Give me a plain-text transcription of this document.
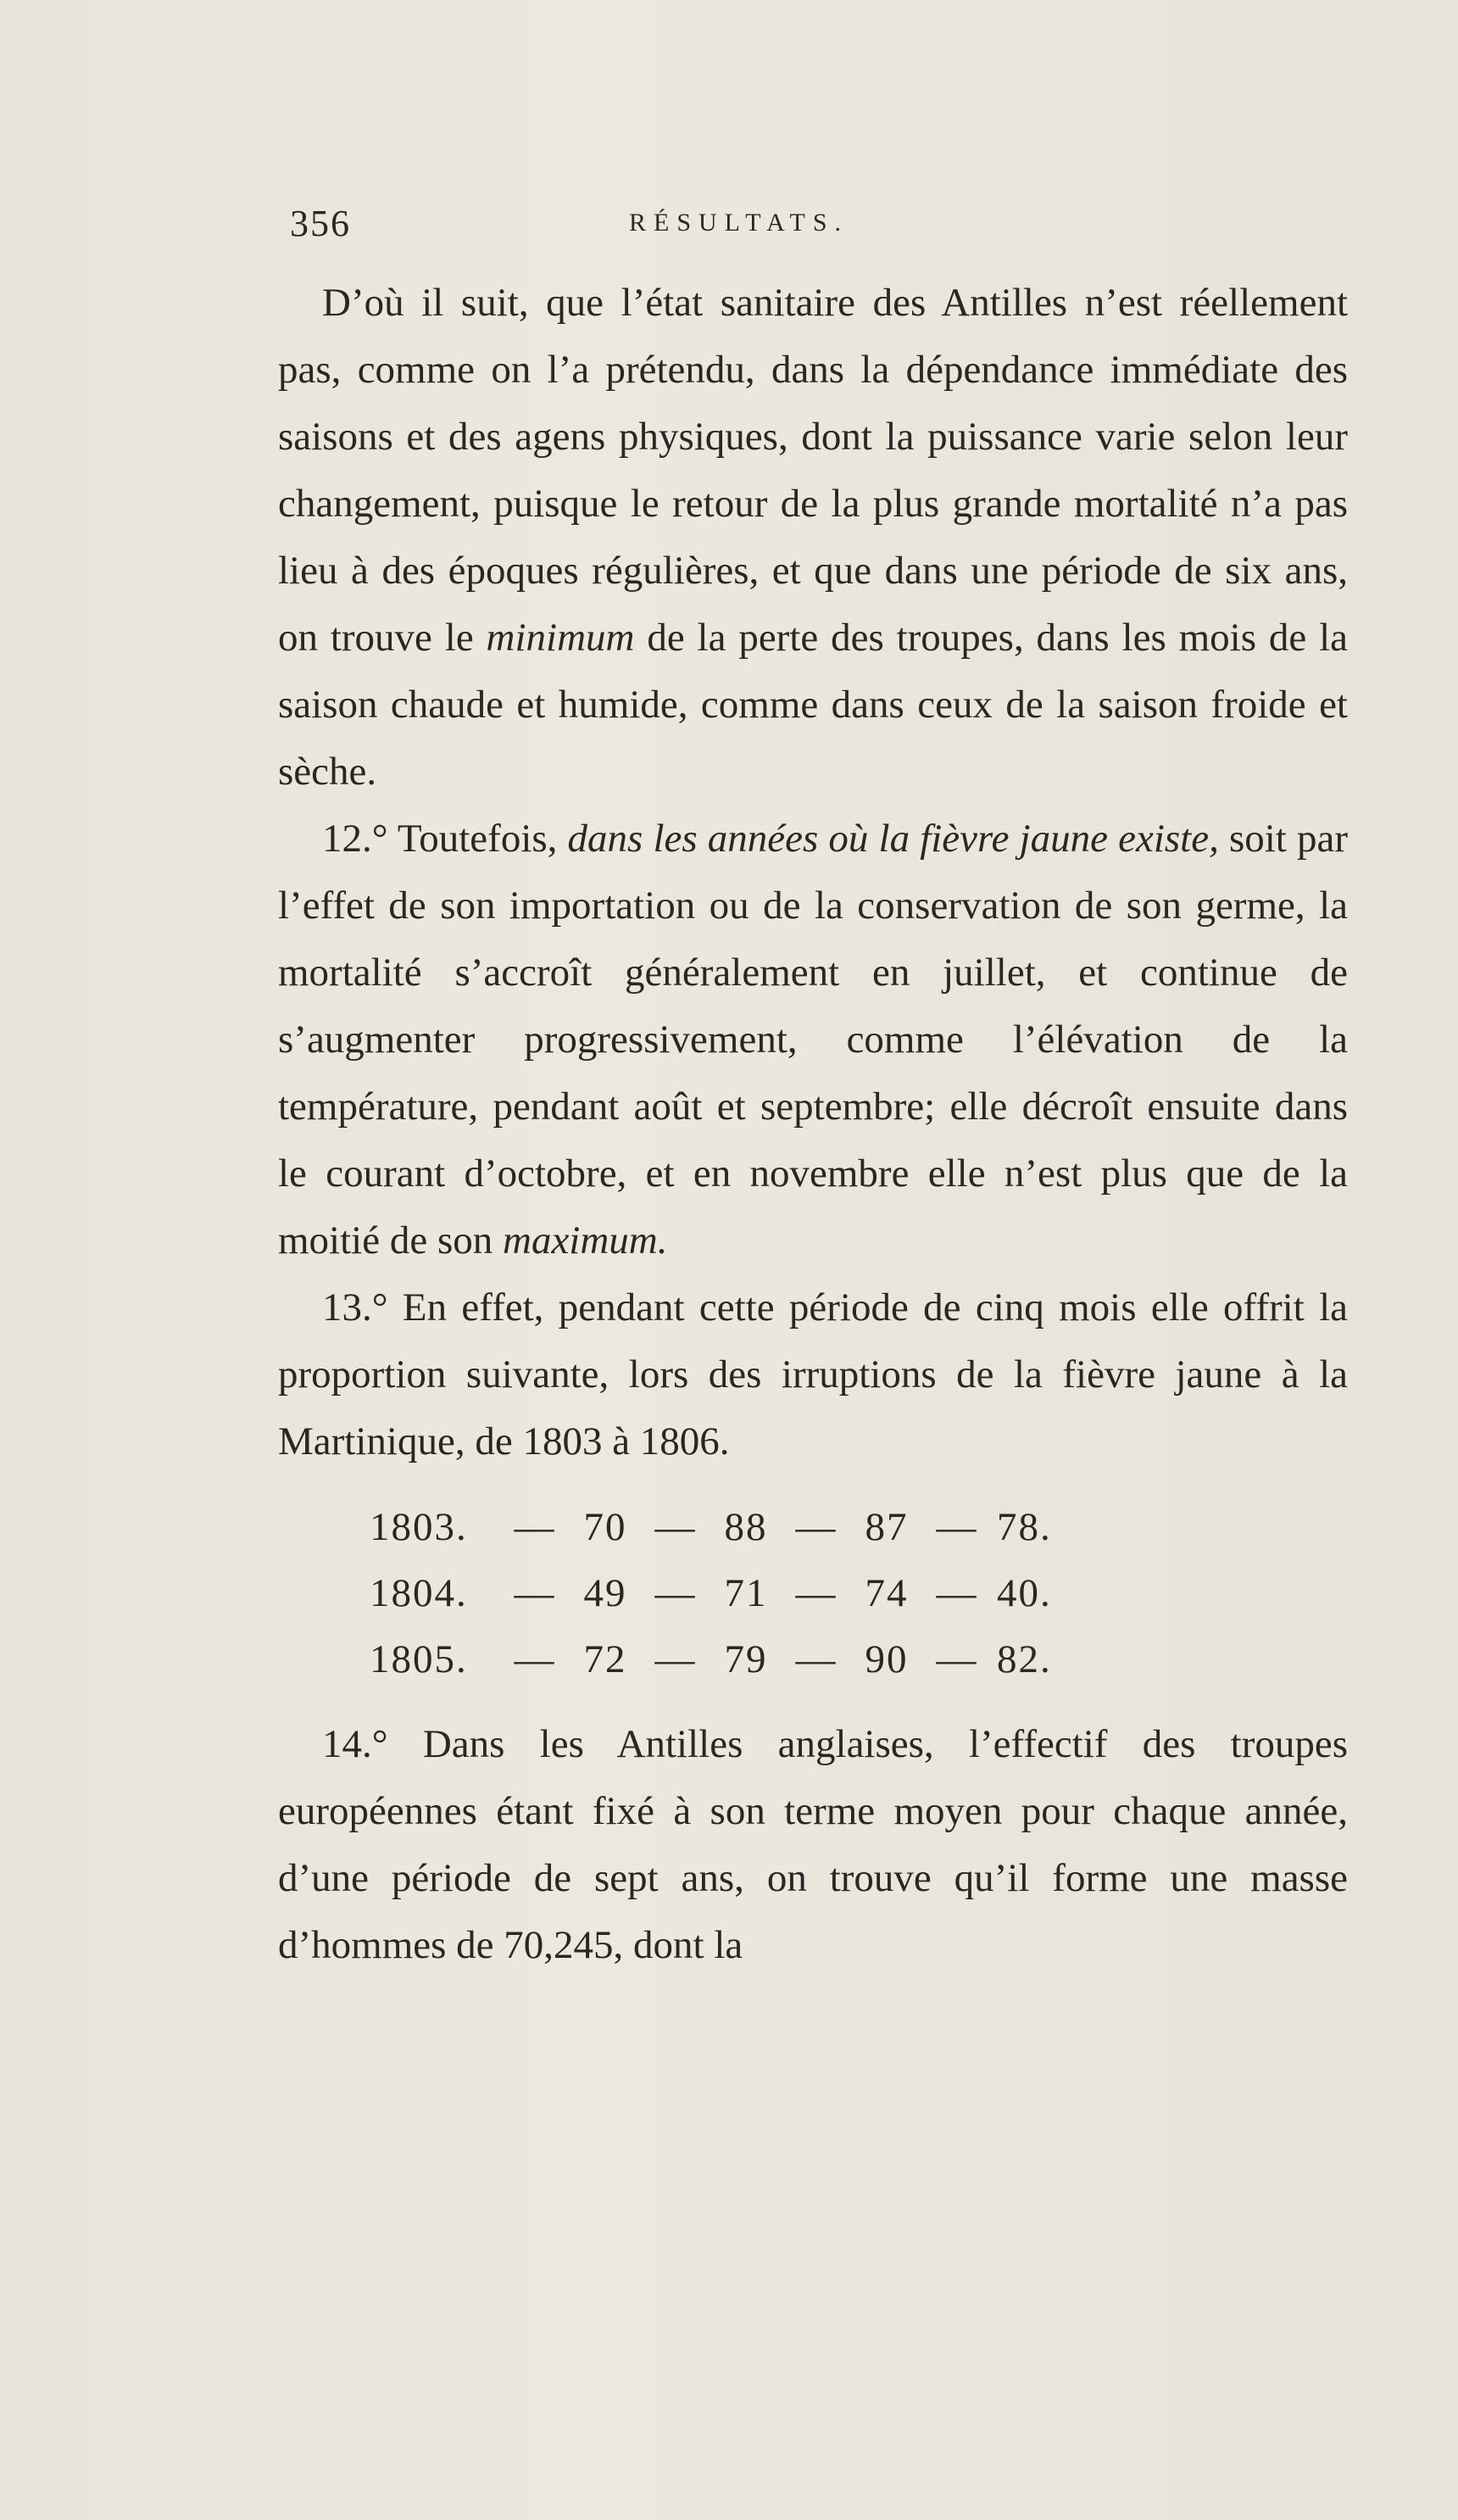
356	RÉSULTATS.

D’où il suit, que l’état sanitaire des Antilles n’est réellement pas, comme on l’a prétendu, dans la dépendance immédiate des saisons et des agens physiques, dont la puissance varie selon leur changement, puisque le retour de la plus grande mortalité n’a pas lieu à des époques régulières, et que dans une période de six ans, on trouve le minimum de la perte des troupes, dans les mois de la saison chaude et humide, comme dans ceux de la saison froide et sèche.

12.° Toutefois, dans les années où la fièvre jaune existe, soit par l’effet de son importation ou de la conservation de son germe, la mortalité s’accroît généralement en juillet, et continue de s’augmenter progressivement, comme l’élévation de la température, pendant août et septembre; elle décroît ensuite dans le courant d’octobre, et en novembre elle n’est plus que de la moitié de son maximum.

13.° En effet, pendant cette période de cinq mois elle offrit la proportion suivante, lors des irruptions de la fièvre jaune à la Martinique, de 1803 à 1806.

1803. — 70 — 88 — 87 — 78.
1804. — 49 — 71 — 74 — 40.
1805. — 72 — 79 — 90 — 82.

14.° Dans les Antilles anglaises, l’effectif des troupes européennes étant fixé à son terme moyen pour chaque année, d’une période de sept ans, on trouve qu’il forme une masse d’hommes de 70,245, dont la
